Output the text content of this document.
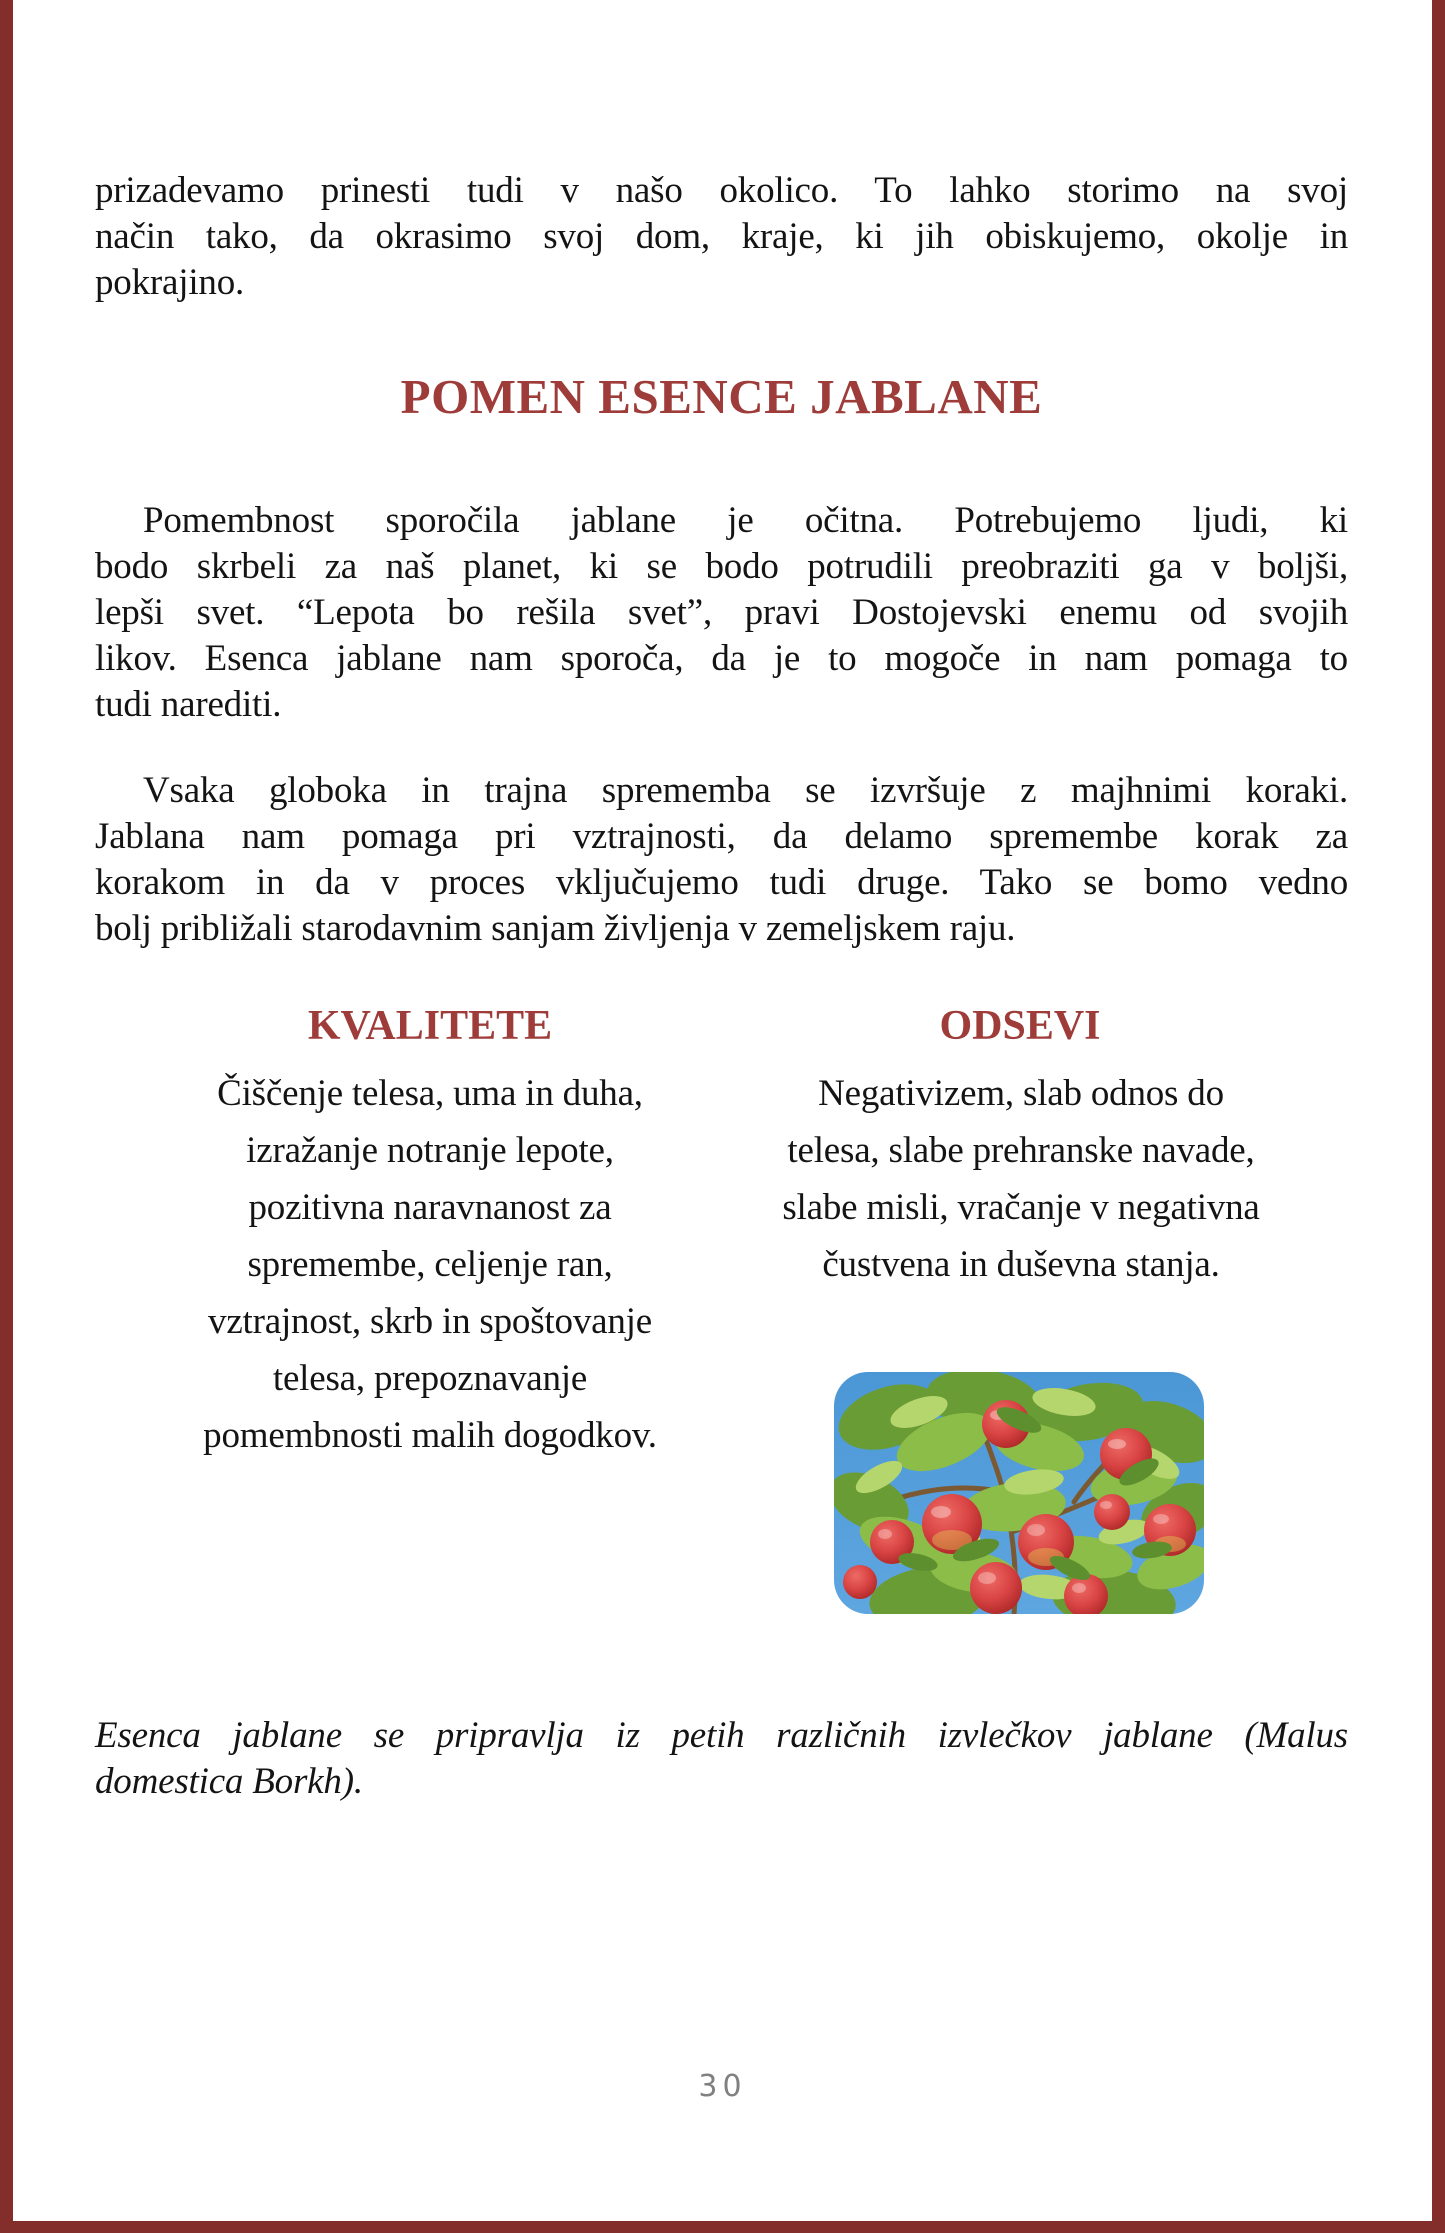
prizadevamo prinesti tudi v našo okolico. To lahko storimo na svoj
način tako, da okrasimo svoj dom, kraje, ki jih obiskujemo, okolje in
pokrajino.
POMEN ESENCE JABLANE
Pomembnost sporočila jablane je očitna. Potrebujemo ljudi, ki
bodo skrbeli za naš planet, ki se bodo potrudili preobraziti ga v boljši,
lepši svet. “Lepota bo rešila svet”, pravi Dostojevski enemu od svojih
likov. Esenca jablane nam sporoča, da je to mogoče in nam pomaga to
tudi narediti.
Vsaka globoka in trajna sprememba se izvršuje z majhnimi koraki.
Jablana nam pomaga pri vztrajnosti, da delamo spremembe korak za
korakom in da v proces vključujemo tudi druge. Tako se bomo vedno
bolj približali starodavnim sanjam življenja v zemeljskem raju.
KVALITETE	ODSEVI
Čiščenje telesa, uma in duha,
izražanje notranje lepote,
pozitivna naravnanost za
spremembe, celjenje ran,
vztrajnost, skrb in spoštovanje
telesa, prepoznavanje
pomembnosti malih dogodkov.
Negativizem, slab odnos do
telesa, slabe prehranske navade,
slabe misli, vračanje v negativna
čustvena in duševna stanja.
Esenca jablane se pripravlja iz petih različnih izvlečkov jablane (Malus
domestica Borkh).
30
